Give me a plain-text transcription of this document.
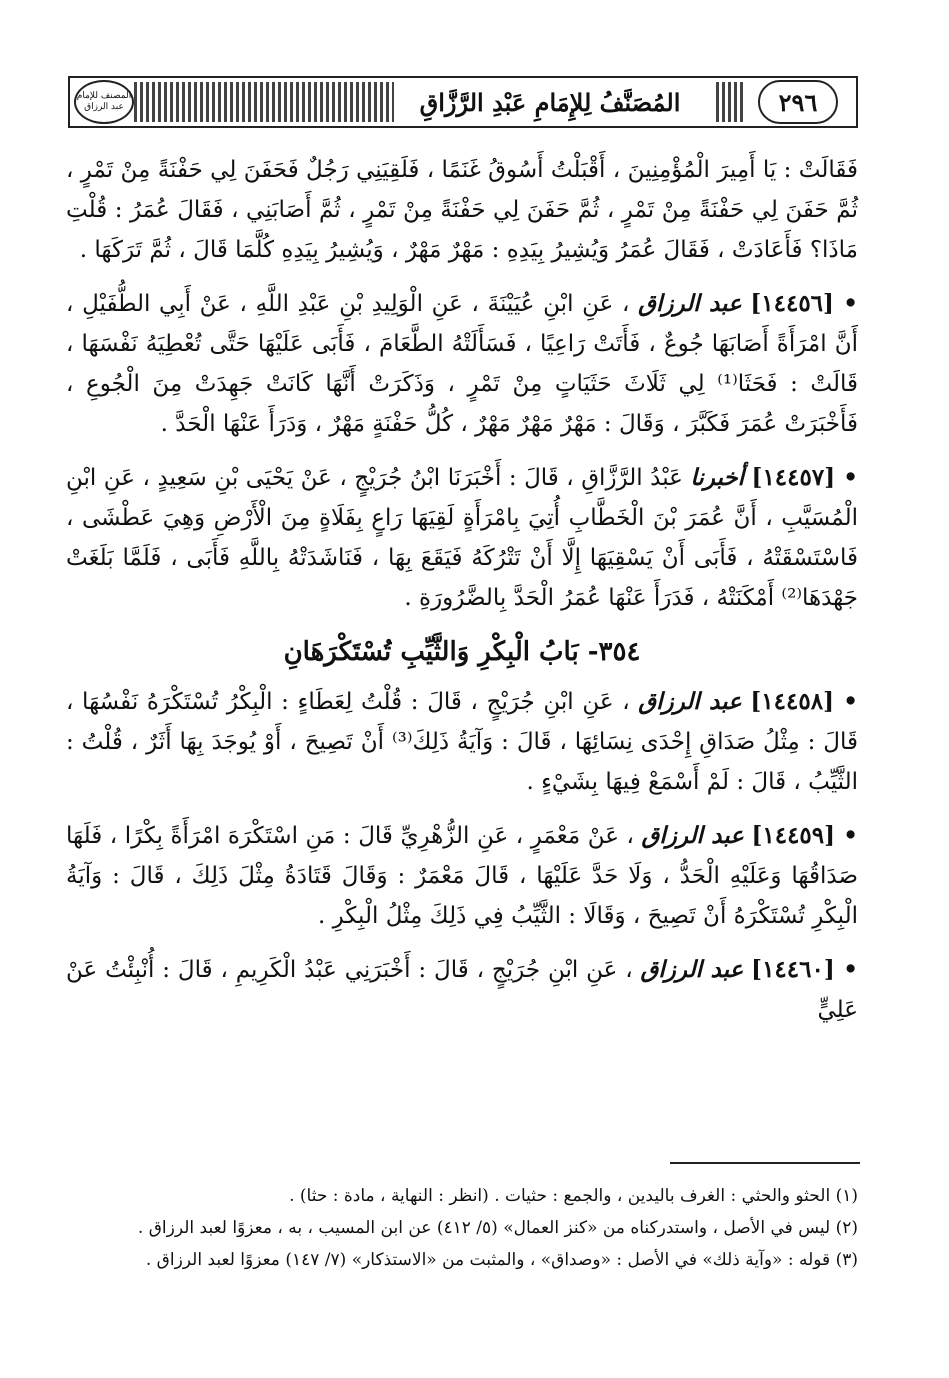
المصنف للإمام عبد الرزاق	المُصَنَّفُ لِلإِمَامِ عَبْدِ الرَّزَّاقِ	٢٩٦

فَقَالَتْ : يَا أَمِيرَ الْمُؤْمِنِينَ ، أَقْبَلْتُ أَسُوقُ غَنَمًا ، فَلَقِيَنِي رَجُلٌ فَحَفَنَ لِي حَفْنَةً مِنْ تَمْرٍ ، ثُمَّ حَفَنَ لِي حَفْنَةً مِنْ تَمْرٍ ، ثُمَّ حَفَنَ لِي حَفْنَةً مِنْ تَمْرٍ ، ثُمَّ أَصَابَنِي ، فَقَالَ عُمَرُ : قُلْتِ مَاذَا؟ فَأَعَادَتْ ، فَقَالَ عُمَرُ وَيُشِيرُ بِيَدِهِ : مَهْرٌ مَهْرٌ ، وَيُشِيرُ بِيَدِهِ كُلَّمَا قَالَ ، ثُمَّ تَرَكَهَا .

• [١٤٤٥٦] عبد الرزاق ، عَنِ ابْنِ عُيَيْنَةَ ، عَنِ الْوَلِيدِ بْنِ عَبْدِ اللَّهِ ، عَنْ أَبِي الطُّفَيْلِ ، أَنَّ امْرَأَةً أَصَابَهَا جُوعٌ ، فَأَتَتْ رَاعِيًا ، فَسَأَلَتْهُ الطَّعَامَ ، فَأَبَى عَلَيْهَا حَتَّى تُعْطِيَهُ نَفْسَهَا ، قَالَتْ : فَحَثَا⁽¹⁾ لِي ثَلَاثَ حَثَيَاتٍ مِنْ تَمْرٍ ، وَذَكَرَتْ أَنَّهَا كَانَتْ جَهِدَتْ مِنَ الْجُوعِ ، فَأَخْبَرَتْ عُمَرَ فَكَبَّرَ ، وَقَالَ : مَهْرٌ مَهْرٌ مَهْرٌ ، كُلُّ حَفْنَةٍ مَهْرٌ ، وَدَرَأَ عَنْهَا الْحَدَّ .

• [١٤٤٥٧] أخبرنا عَبْدُ الرَّزَّاقِ ، قَالَ : أَخْبَرَنَا ابْنُ جُرَيْجٍ ، عَنْ يَحْيَى بْنِ سَعِيدٍ ، عَنِ ابْنِ الْمُسَيَّبِ ، أَنَّ عُمَرَ بْنَ الْخَطَّابِ أُتِيَ بِامْرَأَةٍ لَقِيَهَا رَاعٍ بِفَلَاةٍ مِنَ الْأَرْضِ وَهِيَ عَطْشَى ، فَاسْتَسْقَتْهُ ، فَأَبَى أَنْ يَسْقِيَهَا إِلَّا أَنْ تَتْرُكَهُ فَيَقَعَ بِهَا ، فَنَاشَدَتْهُ بِاللَّهِ فَأَبَى ، فَلَمَّا بَلَغَتْ جَهْدَهَا⁽²⁾ أَمْكَنَتْهُ ، فَدَرَأَ عَنْهَا عُمَرُ الْحَدَّ بِالضَّرُورَةِ .

٣٥٤- بَابُ الْبِكْرِ وَالثَّيِّبِ تُسْتَكْرَهَانِ

• [١٤٤٥٨] عبد الرزاق ، عَنِ ابْنِ جُرَيْجٍ ، قَالَ : قُلْتُ لِعَطَاءٍ : الْبِكْرُ تُسْتَكْرَهُ نَفْسُهَا ، قَالَ : مِثْلُ صَدَاقِ إِحْدَى نِسَائِهَا ، قَالَ : وَآيَةُ ذَلِكَ⁽³⁾ أَنْ تَصِيحَ ، أَوْ يُوجَدَ بِهَا أَثَرٌ ، قُلْتُ : الثَّيِّبُ ، قَالَ : لَمْ أَسْمَعْ فِيهَا بِشَيْءٍ .

• [١٤٤٥٩] عبد الرزاق ، عَنْ مَعْمَرٍ ، عَنِ الزُّهْرِيِّ قَالَ : مَنِ اسْتَكْرَهَ امْرَأَةً بِكْرًا ، فَلَهَا صَدَاقُهَا وَعَلَيْهِ الْحَدُّ ، وَلَا حَدَّ عَلَيْهَا ، قَالَ مَعْمَرٌ : وَقَالَ قَتَادَةُ مِثْلَ ذَلِكَ ، قَالَ : وَآيَةُ الْبِكْرِ تُسْتَكْرَهُ أَنْ تَصِيحَ ، وَقَالَا : الثَّيِّبُ فِي ذَلِكَ مِثْلُ الْبِكْرِ .

• [١٤٤٦٠] عبد الرزاق ، عَنِ ابْنِ جُرَيْجٍ ، قَالَ : أَخْبَرَنِي عَبْدُ الْكَرِيمِ ، قَالَ : أُنْبِئْتُ عَنْ عَلِيٍّ

(١) الحثو والحثي : الغرف باليدين ، والجمع : حثيات . (انظر : النهاية ، مادة : حثا) .

(٢) ليس في الأصل ، واستدركناه من «كنز العمال» (٥/ ٤١٢) عن ابن المسيب ، به ، معزوًا لعبد الرزاق .

(٣) قوله : «وآية ذلك» في الأصل : «وصداق» ، والمثبت من «الاستذكار» (٧/ ١٤٧) معزوًا لعبد الرزاق .
